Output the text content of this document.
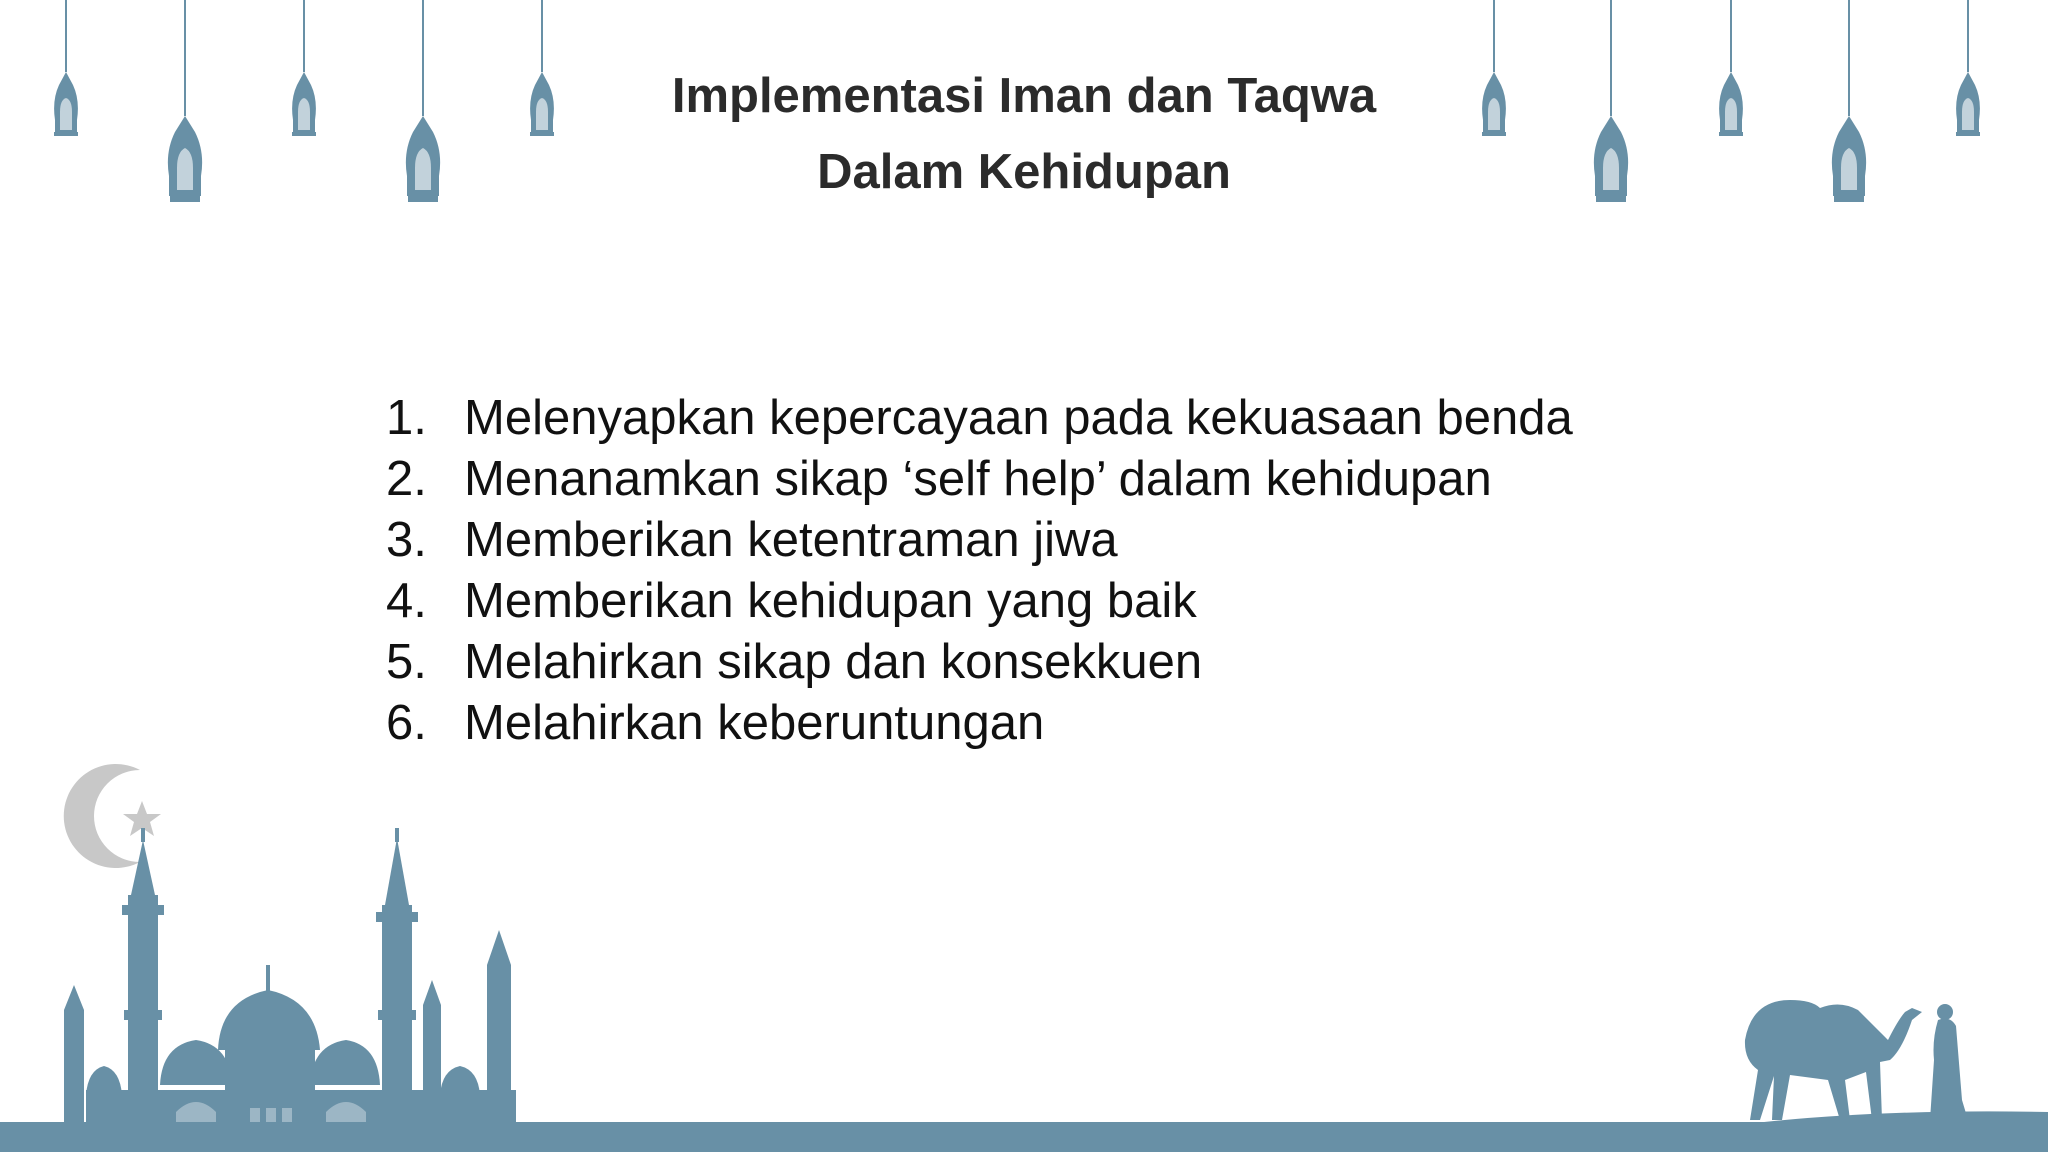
Implementasi Iman dan Taqwa
Dalam Kehidupan
1. Melenyapkan kepercayaan pada kekuasaan benda
2. Menanamkan sikap ‘self help’ dalam kehidupan
3. Memberikan ketentraman jiwa
4. Memberikan kehidupan yang baik
5. Melahirkan sikap dan konsekkuen
6. Melahirkan keberuntungan
